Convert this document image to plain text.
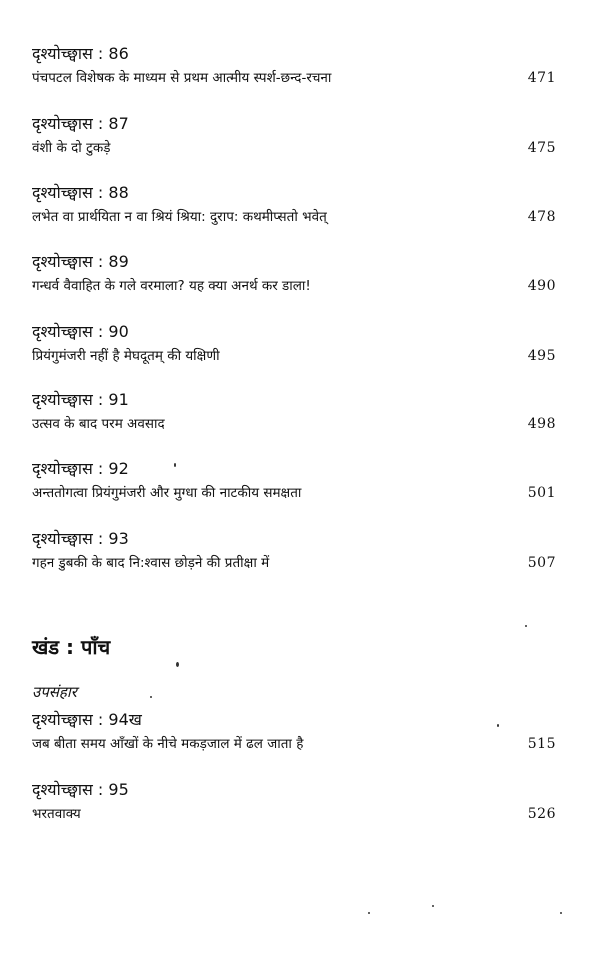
दृश्योच्छ्वास : 86
पंचपटल विशेषक के माध्यम से प्रथम आत्मीय स्पर्श-छन्द-रचना	471
दृश्योच्छ्वास : 87
वंशी के दो टुकड़े	475
दृश्योच्छ्वास : 88
लभेत वा प्रार्थयिता न वा श्रियं श्रिया: दुराप: कथमीप्सतो भवेत्	478
दृश्योच्छ्वास : 89
गन्धर्व वैवाहित के गले वरमाला? यह क्या अनर्थ कर डाला!	490
दृश्योच्छ्वास : 90
प्रियंगुमंजरी नहीं है मेघदूतम् की यक्षिणी	495
दृश्योच्छ्वास : 91
उत्सव के बाद परम अवसाद	498
दृश्योच्छ्वास : 92
अन्ततोगत्वा प्रियंगुमंजरी और मुग्धा की नाटकीय समक्षता	501
दृश्योच्छ्वास : 93
गहन डुबकी के बाद नि:श्वास छोड़ने की प्रतीक्षा में	507
खंड : पाँच
उपसंहार
दृश्योच्छ्वास : 94ख
जब बीता समय आँखों के नीचे मकड़जाल में ढल जाता है	515
दृश्योच्छ्वास : 95
भरतवाक्य	526
